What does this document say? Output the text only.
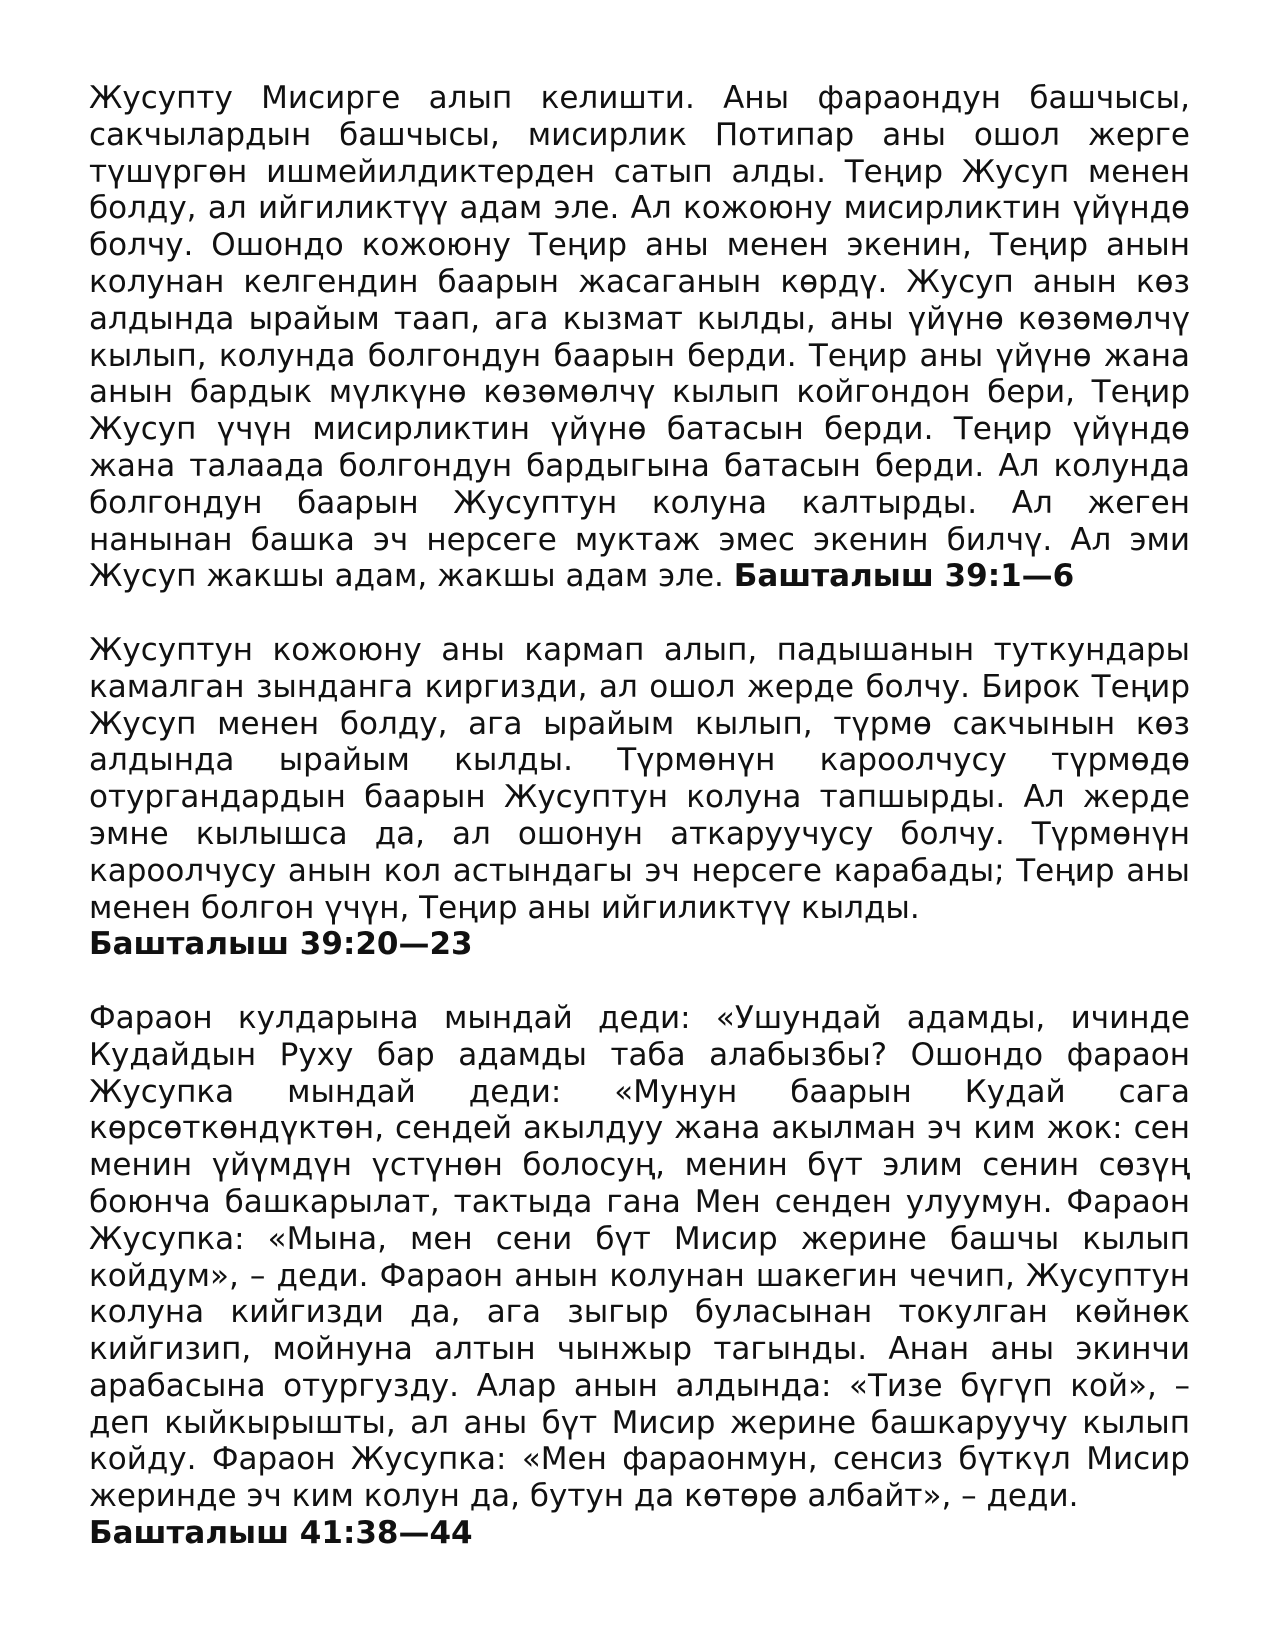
Жусупту Мисирге алып келишти. Аны фараондун башчысы, сакчылардын башчысы, мисирлик Потипар аны ошол жерге түшүргөн ишмейилдиктерден сатып алды. Теңир Жусуп менен болду, ал ийгиликтүү адам эле. Ал кожоюну мисирликтин үйүндө болчу. Ошондо кожоюну Теңир аны менен экенин, Теңир анын колунан келгендин баарын жасаганын көрдү. Жусуп анын көз алдында ырайым таап, ага кызмат кылды, аны үйүнө көзөмөлчү кылып, колунда болгондун баарын берди. Теңир аны үйүнө жана анын бардык мүлкүнө көзөмөлчү кылып койгондон бери, Теңир Жусуп үчүн мисирликтин үйүнө батасын берди. Теңир үйүндө жана талаада болгондун бардыгына батасын берди. Ал колунда болгондун баарын Жусуптун колуна калтырды. Ал жеген нанынан башка эч нерсеге муктаж эмес экенин билчү. Ал эми Жусуп жакшы адам, жакшы адам эле. Башталыш 39:1—6

Жусуптун кожоюну аны кармап алып, падышанын туткундары камалган зынданга киргизди, ал ошол жерде болчу. Бирок Теңир Жусуп менен болду, ага ырайым кылып, түрмө сакчынын көз алдында ырайым кылды. Түрмөнүн кароолчусу түрмөдө отургандардын баарын Жусуптун колуна тапшырды. Ал жерде эмне кылышса да, ал ошонун аткаруучусу болчу. Түрмөнүн кароолчусу анын кол астындагы эч нерсеге карабады; Теңир аны менен болгон үчүн, Теңир аны ийгиликтүү кылды.
Башталыш 39:20—23

Фараон кулдарына мындай деди: «Ушундай адамды, ичинде Кудайдын Руху бар адамды таба алабызбы? Ошондо фараон Жусупка мындай деди: «Мунун баарын Кудай сага көрсөткөндүктөн, сендей акылдуу жана акылман эч ким жок: сен менин үйүмдүн үстүнөн болосуң, менин бүт элим сенин сөзүң боюнча башкарылат, тактыда гана Мен сенден улуумун. Фараон Жусупка: «Мына, мен сени бүт Мисир жерине башчы кылып койдум», – деди. Фараон анын колунан шакегин чечип, Жусуптун колуна кийгизди да, ага зыгыр буласынан токулган көйнөк кийгизип, мойнуна алтын чынжыр тагынды. Анан аны экинчи арабасына отургузду. Алар анын алдында: «Тизе бүгүп кой», – деп кыйкырышты, ал аны бүт Мисир жерине башкаруучу кылып койду. Фараон Жусупка: «Мен фараонмун, сенсиз бүткүл Мисир жеринде эч ким колун да, бутун да көтөрө албайт», – деди.
Башталыш 41:38—44
